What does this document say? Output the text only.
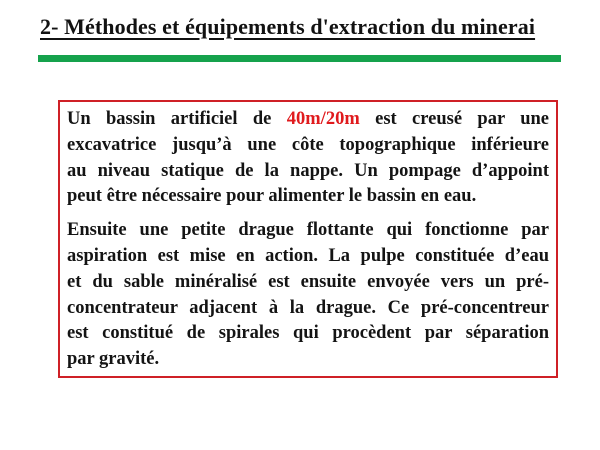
2- Méthodes et équipements d'extraction du minerai
Un bassin artificiel de 40m/20m est creusé par une
excavatrice jusqu’à une côte topographique inférieure
au niveau statique de la nappe. Un pompage d’appoint
peut être nécessaire pour alimenter le bassin en eau.
Ensuite une petite drague flottante qui fonctionne par
aspiration est mise en action. La pulpe constituée d’eau
et du sable minéralisé est ensuite envoyée vers un pré-
concentrateur adjacent à la drague. Ce pré-concentreur
est constitué de spirales qui procèdent par séparation
par gravité.
